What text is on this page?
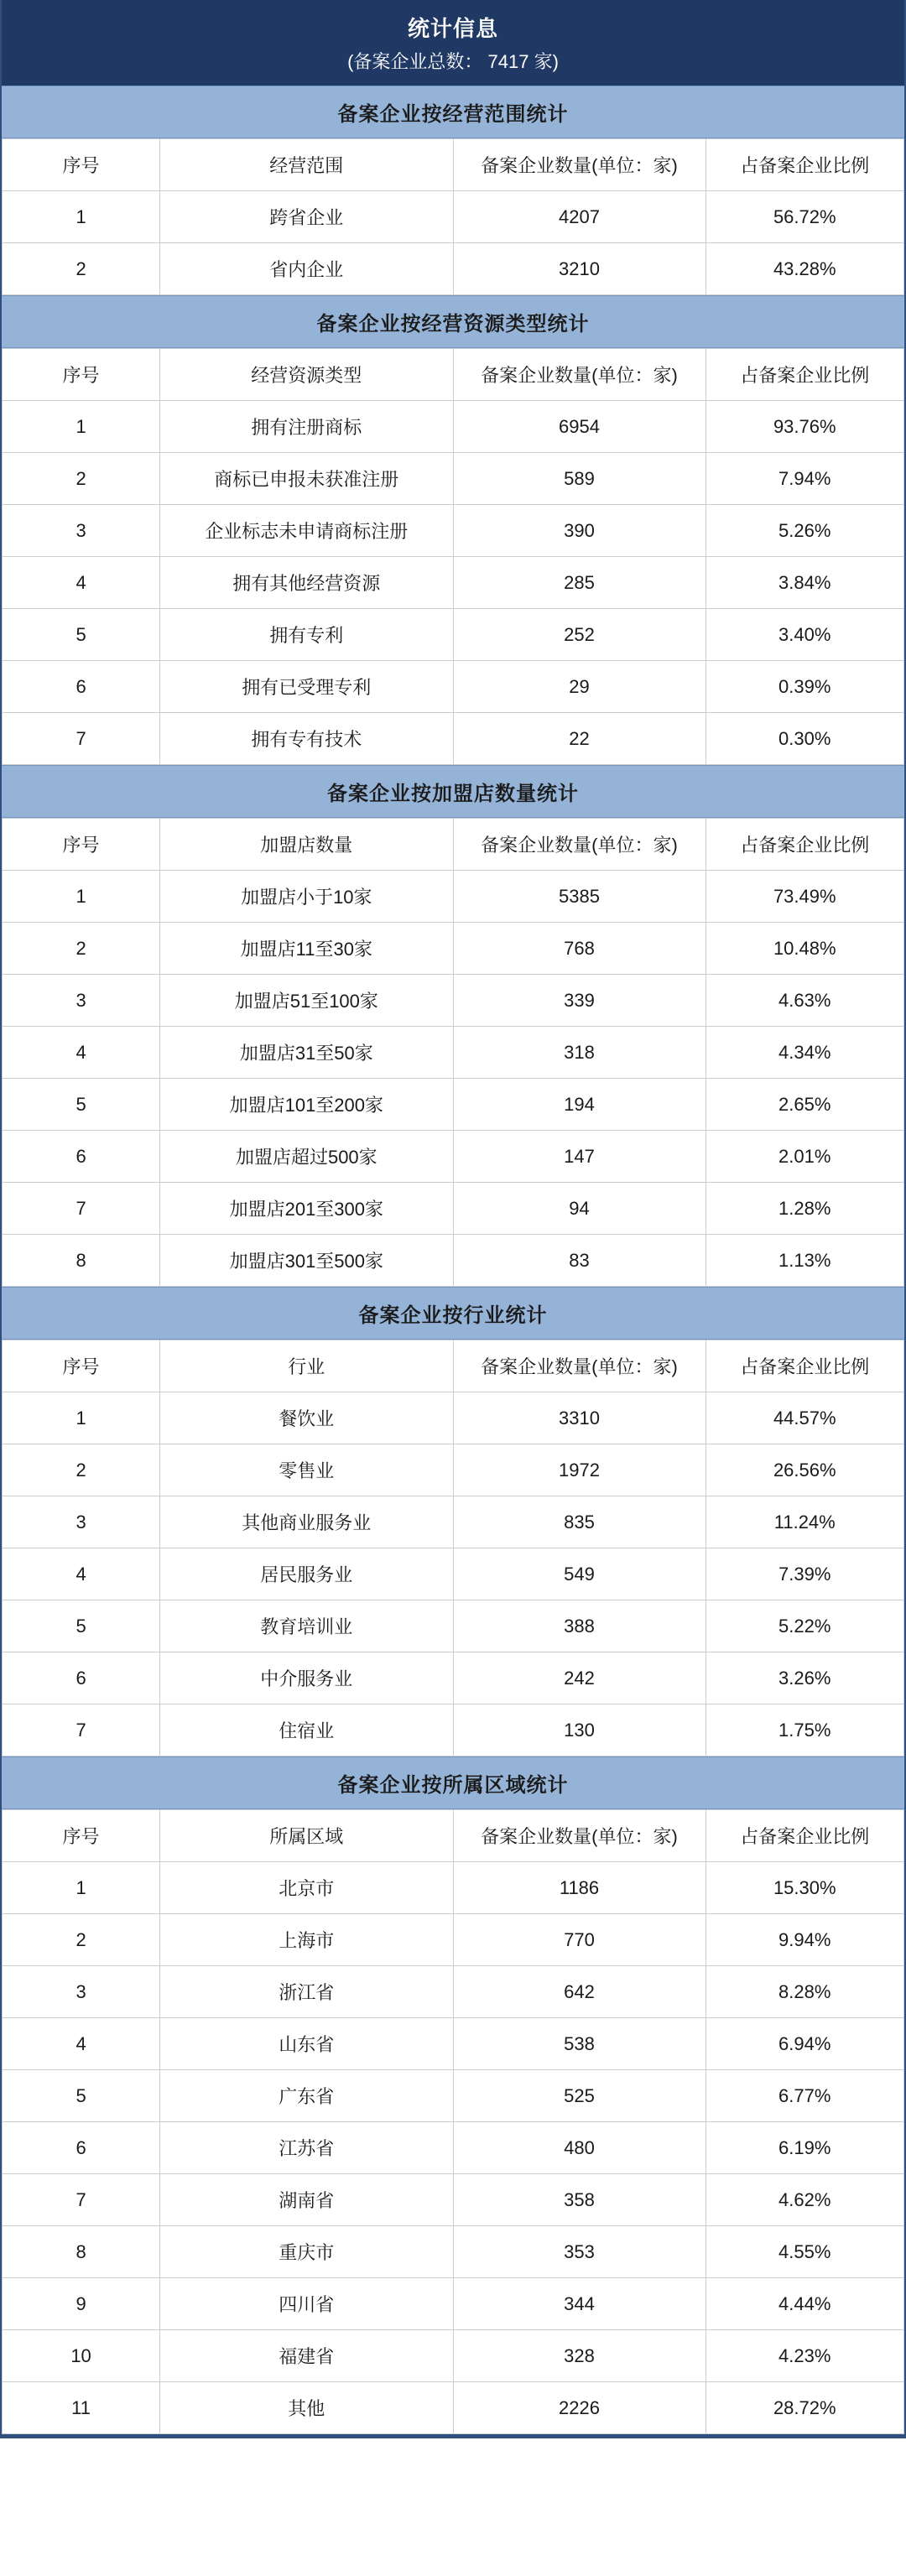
统计信息
(备案企业总数： 7417 家)
备案企业按经营范围统计
序号	经营范围	备案企业数量(单位：家)	占备案企业比例
1	跨省企业	4207	56.72%
2	省内企业	3210	43.28%
备案企业按经营资源类型统计
序号	经营资源类型	备案企业数量(单位：家)	占备案企业比例
1	拥有注册商标	6954	93.76%
2	商标已申报未获准注册	589	7.94%
3	企业标志未申请商标注册	390	5.26%
4	拥有其他经营资源	285	3.84%
5	拥有专利	252	3.40%
6	拥有已受理专利	29	0.39%
7	拥有专有技术	22	0.30%
备案企业按加盟店数量统计
序号	加盟店数量	备案企业数量(单位：家)	占备案企业比例
1	加盟店小于10家	5385	73.49%
2	加盟店11至30家	768	10.48%
3	加盟店51至100家	339	4.63%
4	加盟店31至50家	318	4.34%
5	加盟店101至200家	194	2.65%
6	加盟店超过500家	147	2.01%
7	加盟店201至300家	94	1.28%
8	加盟店301至500家	83	1.13%
备案企业按行业统计
序号	行业	备案企业数量(单位：家)	占备案企业比例
1	餐饮业	3310	44.57%
2	零售业	1972	26.56%
3	其他商业服务业	835	11.24%
4	居民服务业	549	7.39%
5	教育培训业	388	5.22%
6	中介服务业	242	3.26%
7	住宿业	130	1.75%
备案企业按所属区域统计
序号	所属区域	备案企业数量(单位：家)	占备案企业比例
1	北京市	1186	15.30%
2	上海市	770	9.94%
3	浙江省	642	8.28%
4	山东省	538	6.94%
5	广东省	525	6.77%
6	江苏省	480	6.19%
7	湖南省	358	4.62%
8	重庆市	353	4.55%
9	四川省	344	4.44%
10	福建省	328	4.23%
11	其他	2226	28.72%
